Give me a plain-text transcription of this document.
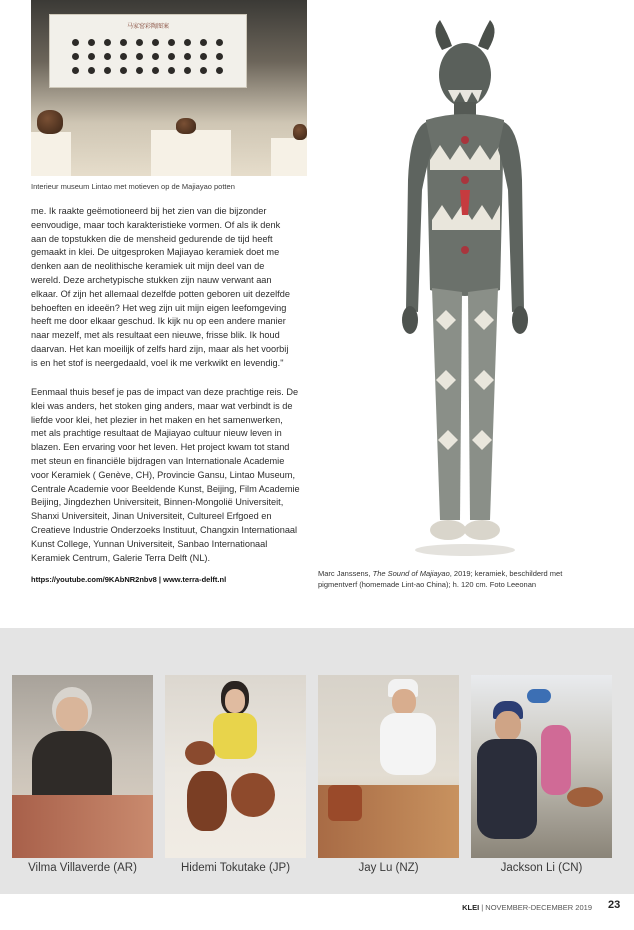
马家窑彩陶图案
Interieur museum Lintao met motieven op de Majiayao potten
me. Ik raakte geëmotioneerd bij het zien van die bijzonder
eenvoudige, maar toch karakteristieke vormen. Of als ik denk
aan de topstukken die de mensheid gedurende de tijd heeft
gemaakt in klei. De uitgesproken Majiayao keramiek doet me
denken aan de neolithische keramiek uit mijn deel van de
wereld. Deze archetypische stukken zijn nauw verwant aan
elkaar. Of zijn het allemaal dezelfde potten geboren uit dezelfde
behoeften en ideeën? Het weg zijn uit mijn eigen leefomgeving
heeft me door elkaar geschud. Ik kijk nu op een andere manier
naar mezelf, met als resultaat een nieuwe, frisse blik. Ik houd
daarvan. Het kan moeilijk of zelfs hard zijn, maar als het voorbij
is en het stof is neergedaald, voel ik me verkwikt en levendig."
Eenmaal thuis besef je pas de impact van deze prachtige reis. De
klei was anders, het stoken ging anders, maar wat verbindt is de
liefde voor klei, het plezier in het maken en het samenwerken,
met als prachtige resultaat de Majiayao cultuur nieuw leven in
blazen. Een ervaring voor het leven. Het project kwam tot stand
met steun en financiële bijdragen van Internationale Academie
voor Keramiek ( Genève, CH), Provincie Gansu, Lintao Museum,
Centrale Academie voor Beeldende Kunst, Beijing, Film Academie
Beijing, Jingdezhen Universiteit, Binnen-Mongolië Universiteit,
Shanxi Universiteit, Jinan Universiteit, Cultureel Erfgoed en
Creatieve Industrie Onderzoeks Instituut, Changxin Internationaal
Kunst College, Yunnan Universiteit, Sanbao Internationaal
Keramiek Centrum, Galerie Terra Delft (NL).
https://youtube.com/9KAbNR2nbv8 | www.terra-delft.nl
Marc Janssens, The Sound of Majiayao, 2019; keramiek, beschilderd met
pigmentverf (homemade Lint-ao China); h. 120 cm. Foto Leeonan
Vilma Villaverde (AR)	Hidemi Tokutake (JP)	Jay Lu (NZ)	Jackson Li (CN)
KLEI | NOVEMBER-DECEMBER 2019 23
